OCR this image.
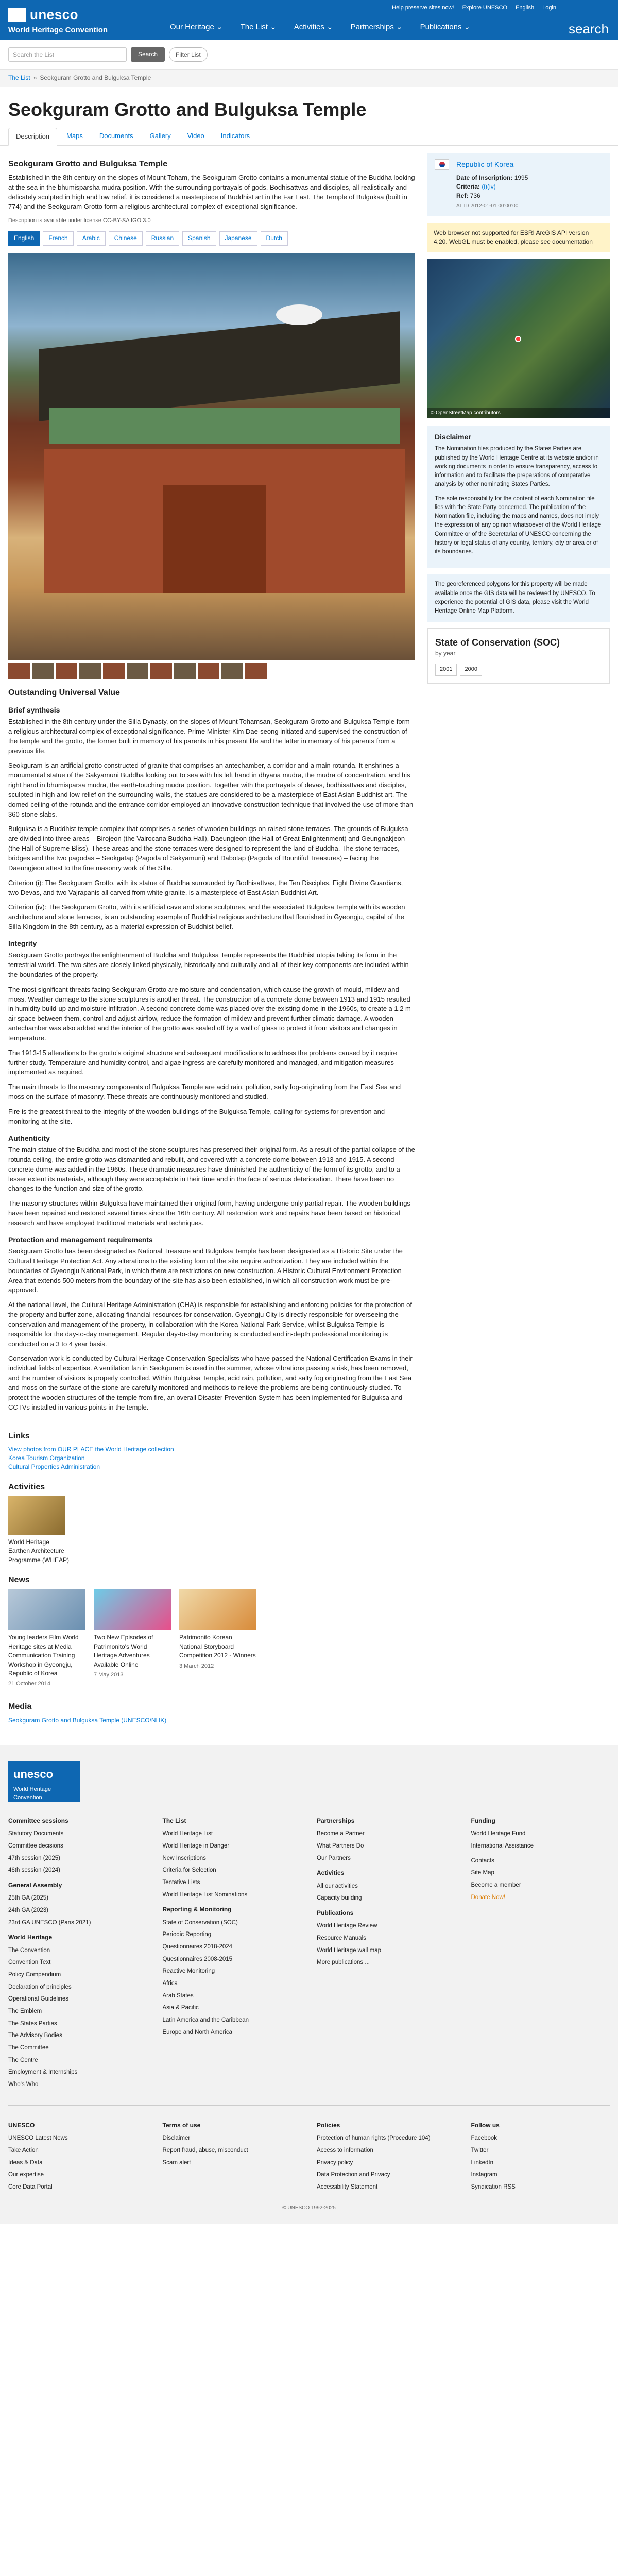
unesco
World Heritage Convention
Help preserve sites now! Explore UNESCO English Login
Our Heritage ⌄ The List ⌄ Activities ⌄ Partnerships ⌄ Publications ⌄	search
Search the List	Search	Filter List
The List » Seokguram Grotto and Bulguksa Temple
Seokguram Grotto and Bulguksa Temple
Description	Maps	Documents	Gallery	Video	Indicators
Seokguram Grotto and Bulguksa Temple

Established in the 8th century on the slopes of Mount Toham, the Seokguram Grotto contains a monumental statue of the Buddha looking at the sea in the bhumisparsha mudra position. With the surrounding portrayals of gods, Bodhisattvas and disciples, all realistically and delicately sculpted in high and low relief, it is considered a masterpiece of Buddhist art in the Far East. The Temple of Bulguksa (built in 774) and the Seokguram Grotto form a religious architectural complex of exceptional significance.

Description is available under license CC-BY-SA IGO 3.0
English	French	Arabic	Chinese	Russian	Spanish	Japanese	Dutch
Outstanding Universal Value
Brief synthesis

Established in the 8th century under the Silla Dynasty, on the slopes of Mount Tohamsan, Seokguram Grotto and Bulguksa Temple form a religious architectural complex of exceptional significance. Prime Minister Kim Dae-seong initiated and supervised the construction of the temple and the grotto, the former built in memory of his parents in his present life and the latter in memory of his parents from a previous life.

Seokguram is an artificial grotto constructed of granite that comprises an antechamber, a corridor and a main rotunda. It enshrines a monumental statue of the Sakyamuni Buddha looking out to sea with his left hand in dhyana mudra, the mudra of concentration, and his right hand in bhumisparsa mudra, the earth-touching mudra position. Together with the portrayals of devas, bodhisattvas and disciples, sculpted in high and low relief on the surrounding walls, the statues are considered to be a masterpiece of East Asian Buddhist art. The domed ceiling of the rotunda and the entrance corridor employed an innovative construction technique that involved the use of more than 360 stone slabs.

Bulguksa is a Buddhist temple complex that comprises a series of wooden buildings on raised stone terraces. The grounds of Bulguksa are divided into three areas – Birojeon (the Vairocana Buddha Hall), Daeungjeon (the Hall of Great Enlightenment) and Geungnakjeon (the Hall of Supreme Bliss). These areas and the stone terraces were designed to represent the land of Buddha. The stone terraces, bridges and the two pagodas – Seokgatap (Pagoda of Sakyamuni) and Dabotap (Pagoda of Bountiful Treasures) – facing the Daeungjeon attest to the fine masonry work of the Silla.

Criterion (i): The Seokguram Grotto, with its statue of Buddha surrounded by Bodhisattvas, the Ten Disciples, Eight Divine Guardians, two Devas, and two Vajrapanis all carved from white granite, is a masterpiece of East Asian Buddhist Art.

Criterion (iv): The Seokguram Grotto, with its artificial cave and stone sculptures, and the associated Bulguksa Temple with its wooden architecture and stone terraces, is an outstanding example of Buddhist religious architecture that flourished in Gyeongju, capital of the Silla Kingdom in the 8th century, as a material expression of Buddhist belief.

Integrity

Seokguram Grotto portrays the enlightenment of Buddha and Bulguksa Temple represents the Buddhist utopia taking its form in the terrestrial world. The two sites are closely linked physically, historically and culturally and all of their key components are included within the boundaries of the property.

The most significant threats facing Seokguram Grotto are moisture and condensation, which cause the growth of mould, mildew and moss. Weather damage to the stone sculptures is another threat. The construction of a concrete dome between 1913 and 1915 resulted in humidity build-up and moisture infiltration. A second concrete dome was placed over the existing dome in the 1960s, to create a 1.2 m air space between them, control and adjust airflow, reduce the formation of mildew and prevent further climatic damage. A wooden antechamber was also added and the interior of the grotto was sealed off by a wall of glass to protect it from visitors and changes in temperature.

The 1913-15 alterations to the grotto's original structure and subsequent modifications to address the problems caused by it require further study. Temperature and humidity control, and algae ingress are carefully monitored and managed, and mitigation measures implemented as required.

The main threats to the masonry components of Bulguksa Temple are acid rain, pollution, salty fog-originating from the East Sea and moss on the surface of masonry. These threats are continuously monitored and studied.

Fire is the greatest threat to the integrity of the wooden buildings of the Bulguksa Temple, calling for systems for prevention and monitoring at the site.

Authenticity

The main statue of the Buddha and most of the stone sculptures has preserved their original form. As a result of the partial collapse of the rotunda ceiling, the entire grotto was dismantled and rebuilt, and covered with a concrete dome between 1913 and 1915. A second concrete dome was added in the 1960s. These dramatic measures have diminished the authenticity of the form of its grotto, and to a lesser extent its materials, although they were acceptable in their time and in the face of serious deterioration. There have been no changes to the function and size of the grotto.

The masonry structures within Bulguksa have maintained their original form, having undergone only partial repair. The wooden buildings have been repaired and restored several times since the 16th century. All restoration work and repairs have been based on historical research and have employed traditional materials and techniques.

Protection and management requirements

Seokguram Grotto has been designated as National Treasure and Bulguksa Temple has been designated as a Historic Site under the Cultural Heritage Protection Act. Any alterations to the existing form of the site require authorization. They are included within the boundaries of Gyeongju National Park, in which there are restrictions on new construction. A Historic Cultural Environment Protection Area that extends 500 meters from the boundary of the site has also been established, in which all construction work must be pre-approved.

At the national level, the Cultural Heritage Administration (CHA) is responsible for establishing and enforcing policies for the protection of the property and buffer zone, allocating financial resources for conservation. Gyeongju City is directly responsible for overseeing the conservation and management of the property, in collaboration with the Korea National Park Service, whilst Bulguksa Temple is responsible for the day-to-day management. Regular day-to-day monitoring is conducted and in-depth professional monitoring is conducted on a 3 to 4 year basis.

Conservation work is conducted by Cultural Heritage Conservation Specialists who have passed the National Certification Exams in their individual fields of expertise. A ventilation fan in Seokguram is used in the summer, whose vibrations passing a risk, has been removed, and the number of visitors is properly controlled. Within Bulguksa Temple, acid rain, pollution, and salty fog originating from the East Sea and moss on the surface of the stone are carefully monitored and methods to relieve the problems are being continuously studied. To protect the wooden structures of the temple from fire, an overall Disaster Prevention System has been implemented for Bulguksa and CCTVs installed in various points in the temple.

Republic of Korea
Date of Inscription: 1995
Criteria: (i)(iv)
Ref: 736
AT ID 2012-01-01 00:00:00
Web browser not supported for ESRI ArcGIS API version 4.20. WebGL must be enabled, please see documentation
© OpenStreetMap contributors
Disclaimer

The Nomination files produced by the States Parties are published by the World Heritage Centre at its website and/or in working documents in order to ensure transparency, access to information and to facilitate the preparations of comparative analysis by other nominating States Parties.

The sole responsibility for the content of each Nomination file lies with the State Party concerned. The publication of the Nomination file, including the maps and names, does not imply the expression of any opinion whatsoever of the World Heritage Committee or of the Secretariat of UNESCO concerning the history or legal status of any country, territory, city or area or of its boundaries.

The georeferenced polygons for this property will be made available once the GIS data will be reviewed by UNESCO. To experience the potential of GIS data, please visit the World Heritage Online Map Platform.

State of Conservation (SOC)
by year
2001	2000
Links
View photos from OUR PLACE the World Heritage collection
Korea Tourism Organization
Cultural Properties Administration
Activities
World Heritage Earthen Architecture Programme (WHEAP)
News
Young leaders Film World Heritage sites at Media Communication Training Workshop in Gyeongju, Republic of Korea
21 October 2014
Two New Episodes of Patrimonito's World Heritage Adventures Available Online
7 May 2013
Patrimonito Korean National Storyboard Competition 2012 - Winners
3 March 2012
Media
Seokguram Grotto and Bulguksa Temple (UNESCO/NHK)
unesco
World Heritage Convention
Committee sessions
Statutory Documents
Committee decisions
47th session (2025)
46th session (2024)
General Assembly
25th GA (2025)
24th GA (2023)
23rd GA UNESCO (Paris 2021)
World Heritage
The Convention
Convention Text
Policy Compendium
Declaration of principles
Operational Guidelines
The Emblem
The States Parties
The Advisory Bodies
The Committee
The Centre
Employment & Internships
Who's Who
The List
World Heritage List
World Heritage in Danger
New Inscriptions
Criteria for Selection
Tentative Lists
World Heritage List Nominations
Reporting & Monitoring
State of Conservation (SOC)
Periodic Reporting
Questionnaires 2018-2024
Questionnaires 2008-2015
Reactive Monitoring
Africa
Arab States
Asia & Pacific
Latin America and the Caribbean
Europe and North America
Partnerships
Become a Partner
What Partners Do
Our Partners
Activities
All our activities
Capacity building
Publications
World Heritage Review
Resource Manuals
World Heritage wall map
More publications ...
Funding
World Heritage Fund
International Assistance
Contacts
Site Map
Become a member
Donate Now!
UNESCO
UNESCO Latest News
Take Action
Ideas & Data
Our expertise
Core Data Portal
Terms of use
Disclaimer
Report fraud, abuse, misconduct
Scam alert
Policies
Protection of human rights (Procedure 104)
Access to information
Privacy policy
Data Protection and Privacy
Accessibility Statement
Follow us
Facebook
Twitter
LinkedIn
Instagram
Syndication RSS
© UNESCO 1992-2025
